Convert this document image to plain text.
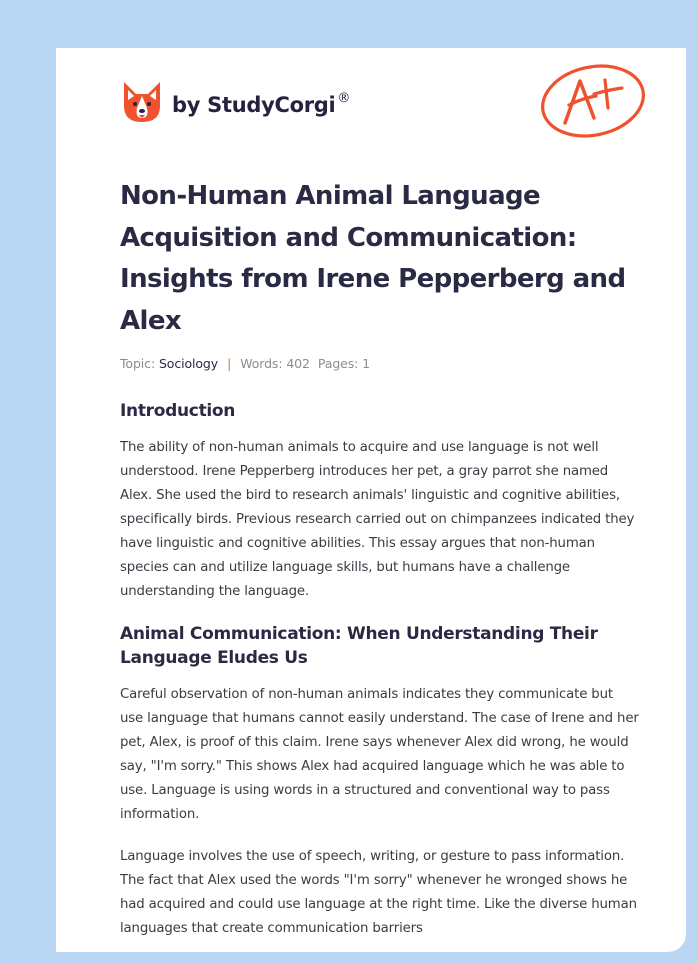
by StudyCorgi ®
Non-Human Animal Language Acquisition and Communication: Insights from Irene Pepperberg and Alex
Topic: Sociology | Words: 402 Pages: 1
Introduction

The ability of non-human animals to acquire and use language is not well understood. Irene Pepperberg introduces her pet, a gray parrot she named Alex. She used the bird to research animals' linguistic and cognitive abilities, specifically birds. Previous research carried out on chimpanzees indicated they have linguistic and cognitive abilities. This essay argues that non-human species can and utilize language skills, but humans have a challenge understanding the language.

Animal Communication: When Understanding Their Language Eludes Us

Careful observation of non-human animals indicates they communicate but use language that humans cannot easily understand. The case of Irene and her pet, Alex, is proof of this claim. Irene says whenever Alex did wrong, he would say, "I'm sorry." This shows Alex had acquired language which he was able to use. Language is using words in a structured and conventional way to pass information.

Language involves the use of speech, writing, or gesture to pass information. The fact that Alex used the words "I'm sorry" whenever he wronged shows he had acquired and could use language at the right time. Like the diverse human languages that create communication barriers
